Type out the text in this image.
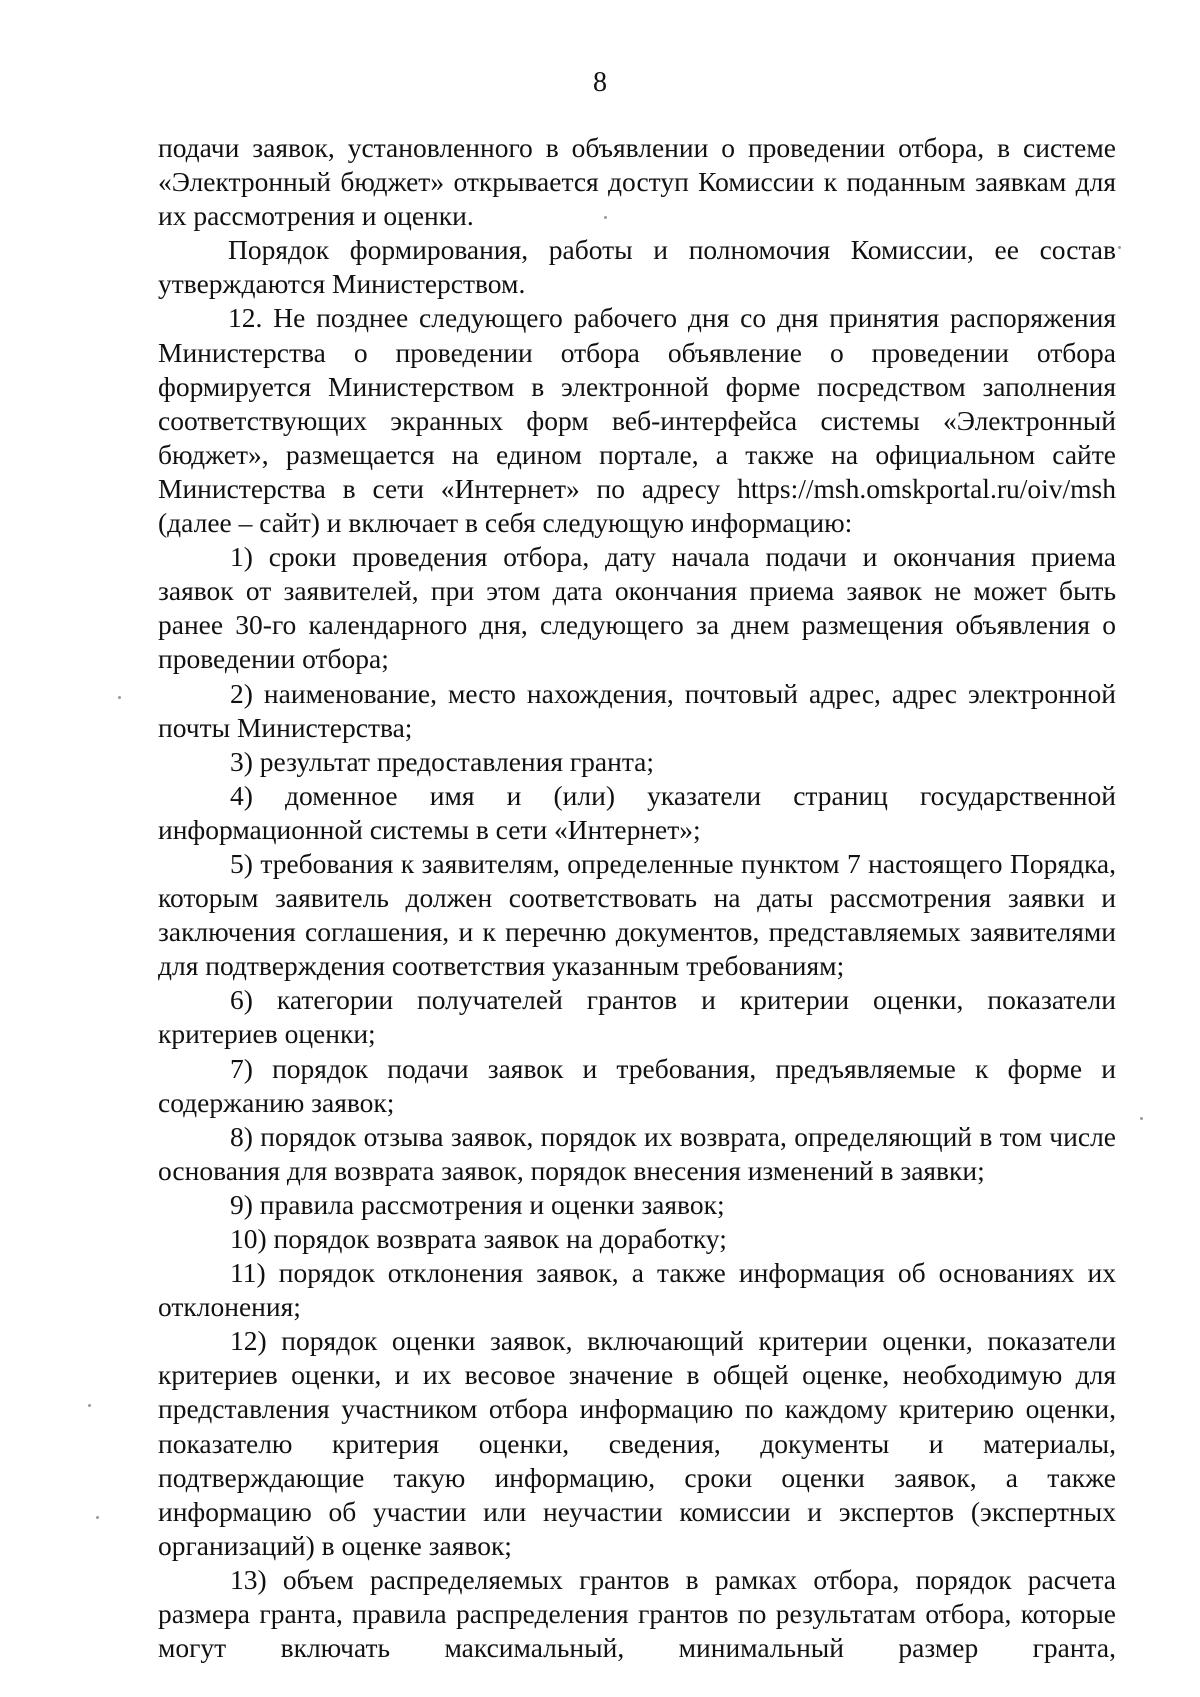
8

подачи заявок, установленного в объявлении о проведении отбора, в системе «Электронный бюджет» открывается доступ Комиссии к поданным заявкам для их рассмотрения и оценки.

Порядок формирования, работы и полномочия Комиссии, ее состав утверждаются Министерством.

12. Не позднее следующего рабочего дня со дня принятия распоряжения Министерства о проведении отбора объявление о проведении отбора формируется Министерством в электронной форме посредством заполнения соответствующих экранных форм веб-интерфейса системы «Электронный бюджет», размещается на едином портале, а также на официальном сайте Министерства в сети «Интернет» по адресу https://msh.omskportal.ru/oiv/msh (далее – сайт) и включает в себя следующую информацию:

1) сроки проведения отбора, дату начала подачи и окончания приема заявок от заявителей, при этом дата окончания приема заявок не может быть ранее 30-го календарного дня, следующего за днем размещения объявления о проведении отбора;

2) наименование, место нахождения, почтовый адрес, адрес электронной почты Министерства;

3) результат предоставления гранта;

4) доменное имя и (или) указатели страниц государственной информационной системы в сети «Интернет»;

5) требования к заявителям, определенные пунктом 7 настоящего Порядка, которым заявитель должен соответствовать на даты рассмотрения заявки и заключения соглашения, и к перечню документов, представляемых заявителями для подтверждения соответствия указанным требованиям;

6) категории получателей грантов и критерии оценки, показатели критериев оценки;

7) порядок подачи заявок и требования, предъявляемые к форме и содержанию заявок;

8) порядок отзыва заявок, порядок их возврата, определяющий в том числе основания для возврата заявок, порядок внесения изменений в заявки;

9) правила рассмотрения и оценки заявок;

10) порядок возврата заявок на доработку;

11) порядок отклонения заявок, а также информация об основаниях их отклонения;

12) порядок оценки заявок, включающий критерии оценки, показатели критериев оценки, и их весовое значение в общей оценке, необходимую для представления участником отбора информацию по каждому критерию оценки, показателю критерия оценки, сведения, документы и материалы, подтверждающие такую информацию, сроки оценки заявок, а также информацию об участии или неучастии комиссии и экспертов (экспертных организаций) в оценке заявок;

13) объем распределяемых грантов в рамках отбора, порядок расчета размера гранта, правила распределения грантов по результатам отбора, которые могут включать максимальный, минимальный размер гранта,
